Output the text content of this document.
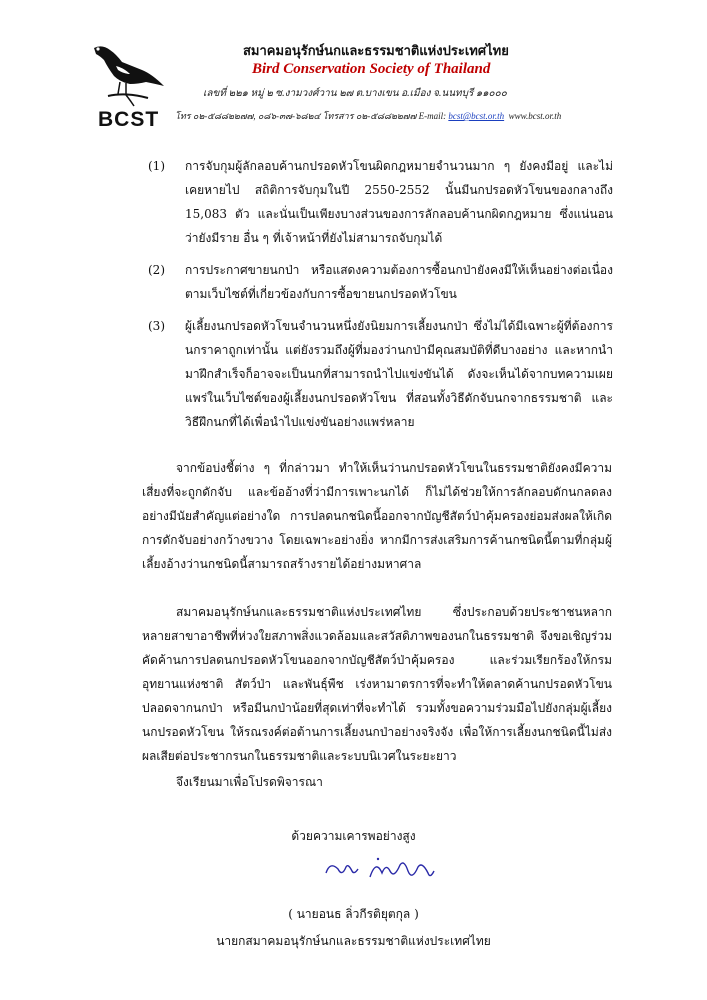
BCST
สมาคมอนุรักษ์นกและธรรมชาติแห่งประเทศไทย
Bird Conservation Society of Thailand
เลขที่ ๒๒๑ หมู่ ๒ ซ.งามวงศ์วาน ๒๗ ต.บางเขน อ.เมือง จ.นนทบุรี ๑๑๐๐๐
โทร ๐๒-๕๘๘๒๒๗๗, ๐๘๖-๓๗-๖๘๒๔ โทรสาร ๐๒-๕๘๘๒๒๗๗ E-mail: bcst@bcst.or.th www.bcst.or.th
(1) การจับกุมผู้ลักลอบค้านกปรอดหัวโขนผิดกฎหมายจำนวนมาก ๆ ยังคงมีอยู่ และไม่เคยหายไป สถิติการจับกุมในปี 2550-2552 นั้นมีนกปรอดหัวโขนของกลางถึง 15,083 ตัว และนั่นเป็นเพียงบางส่วนของการลักลอบค้านกผิดกฎหมาย ซึ่งแน่นอนว่ายังมีราย อื่น ๆ ที่เจ้าหน้าที่ยังไม่สามารถจับกุมได้
(2) การประกาศขายนกป่า หรือแสดงความต้องการซื้อนกป่ายังคงมีให้เห็นอย่างต่อเนื่อง ตามเว็บไซต์ที่เกี่ยวข้องกับการซื้อขายนกปรอดหัวโขน
(3) ผู้เลี้ยงนกปรอดหัวโขนจำนวนหนึ่งยังนิยมการเลี้ยงนกป่า ซึ่งไม่ได้มีเฉพาะผู้ที่ต้องการนกราคาถูกเท่านั้น แต่ยังรวมถึงผู้ที่มองว่านกป่ามีคุณสมบัติที่ดีบางอย่าง และหากนำมาฝึกสำเร็จก็อาจจะเป็นนกที่สามารถนำไปแข่งขันได้ ดังจะเห็นได้จากบทความเผยแพร่ในเว็บไซต์ของผู้เลี้ยงนกปรอดหัวโขน ที่สอนทั้งวิธีดักจับนกจากธรรมชาติ และวิธีฝึกนกที่ได้เพื่อนำไปแข่งขันอย่างแพร่หลาย
จากข้อบ่งชี้ต่าง ๆ ที่กล่าวมา ทำให้เห็นว่านกปรอดหัวโขนในธรรมชาติยังคงมีความเสี่ยงที่จะถูกดักจับ และข้ออ้างที่ว่ามีการเพาะนกได้ ก็ไม่ได้ช่วยให้การลักลอบดักนกลดลงอย่างมีนัยสำคัญแต่อย่างใด การปลดนกชนิดนี้ออกจากบัญชีสัตว์ป่าคุ้มครองย่อมส่งผลให้เกิดการดักจับอย่างกว้างขวาง โดยเฉพาะอย่างยิ่ง หากมีการส่งเสริมการค้านกชนิดนี้ตามที่กลุ่มผู้เลี้ยงอ้างว่านกชนิดนี้สามารถสร้างรายได้อย่างมหาศาล
สมาคมอนุรักษ์นกและธรรมชาติแห่งประเทศไทย ซึ่งประกอบด้วยประชาชนหลากหลายสาขาอาชีพที่ห่วงใยสภาพสิ่งแวดล้อมและสวัสดิภาพของนกในธรรมชาติ จึงขอเชิญร่วมคัดค้านการปลดนกปรอดหัวโขนออกจากบัญชีสัตว์ป่าคุ้มครอง และร่วมเรียกร้องให้กรมอุทยานแห่งชาติ สัตว์ป่า และพันธุ์พืช เร่งหามาตรการที่จะทำให้ตลาดค้านกปรอดหัวโขนปลอดจากนกป่า หรือมีนกป่าน้อยที่สุดเท่าที่จะทำได้ รวมทั้งขอความร่วมมือไปยังกลุ่มผู้เลี้ยงนกปรอดหัวโขน ให้รณรงค์ต่อต้านการเลี้ยงนกป่าอย่างจริงจัง เพื่อให้การเลี้ยงนกชนิดนี้ไม่ส่งผลเสียต่อประชากรนกในธรรมชาติและระบบนิเวศในระยะยาว
จึงเรียนมาเพื่อโปรดพิจารณา
ด้วยความเคารพอย่างสูง
( นายอนธ ลิ่วกีรติยุตกุล )
นายกสมาคมอนุรักษ์นกและธรรมชาติแห่งประเทศไทย
